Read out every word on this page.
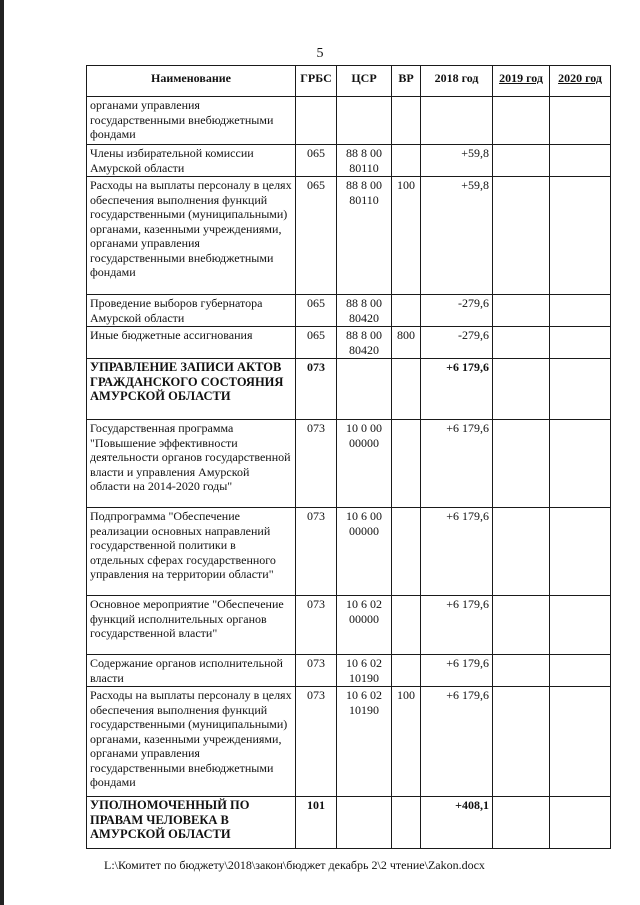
5
Наименование	ГРБС	ЦСР	ВР	2018 год	2019 год	2020 год
органами управления государственными внебюджетными фондами						
Члены избирательной комиссии Амурской области	065	88 8 00 80110		+59,8		
Расходы на выплаты персоналу в целях обеспечения выполнения функций государственными (муниципальными) органами, казенными учреждениями, органами управления государственными внебюджетными фондами	065	88 8 00 80110	100	+59,8		
Проведение выборов губернатора Амурской области	065	88 8 00 80420		-279,6		
Иные бюджетные ассигнования	065	88 8 00 80420	800	-279,6		
УПРАВЛЕНИЕ ЗАПИСИ АКТОВ ГРАЖДАНСКОГО СОСТОЯНИЯ АМУРСКОЙ ОБЛАСТИ	073			+6 179,6		
Государственная программа "Повышение эффективности деятельности органов государственной власти и управления Амурской области на 2014-2020 годы"	073	10 0 00 00000		+6 179,6		
Подпрограмма "Обеспечение реализации основных направлений государственной политики в отдельных сферах государственного управления на территории области"	073	10 6 00 00000		+6 179,6		
Основное мероприятие "Обеспечение функций исполнительных органов государственной власти"	073	10 6 02 00000		+6 179,6		
Содержание органов исполнительной власти	073	10 6 02 10190		+6 179,6		
Расходы на выплаты персоналу в целях обеспечения выполнения функций государственными (муниципальными) органами, казенными учреждениями, органами управления государственными внебюджетными фондами	073	10 6 02 10190	100	+6 179,6		
УПОЛНОМОЧЕННЫЙ ПО ПРАВАМ ЧЕЛОВЕКА В АМУРСКОЙ ОБЛАСТИ	101			+408,1		
L:\Комитет по бюджету\2018\закон\бюджет декабрь 2\2 чтение\Zakon.docx
